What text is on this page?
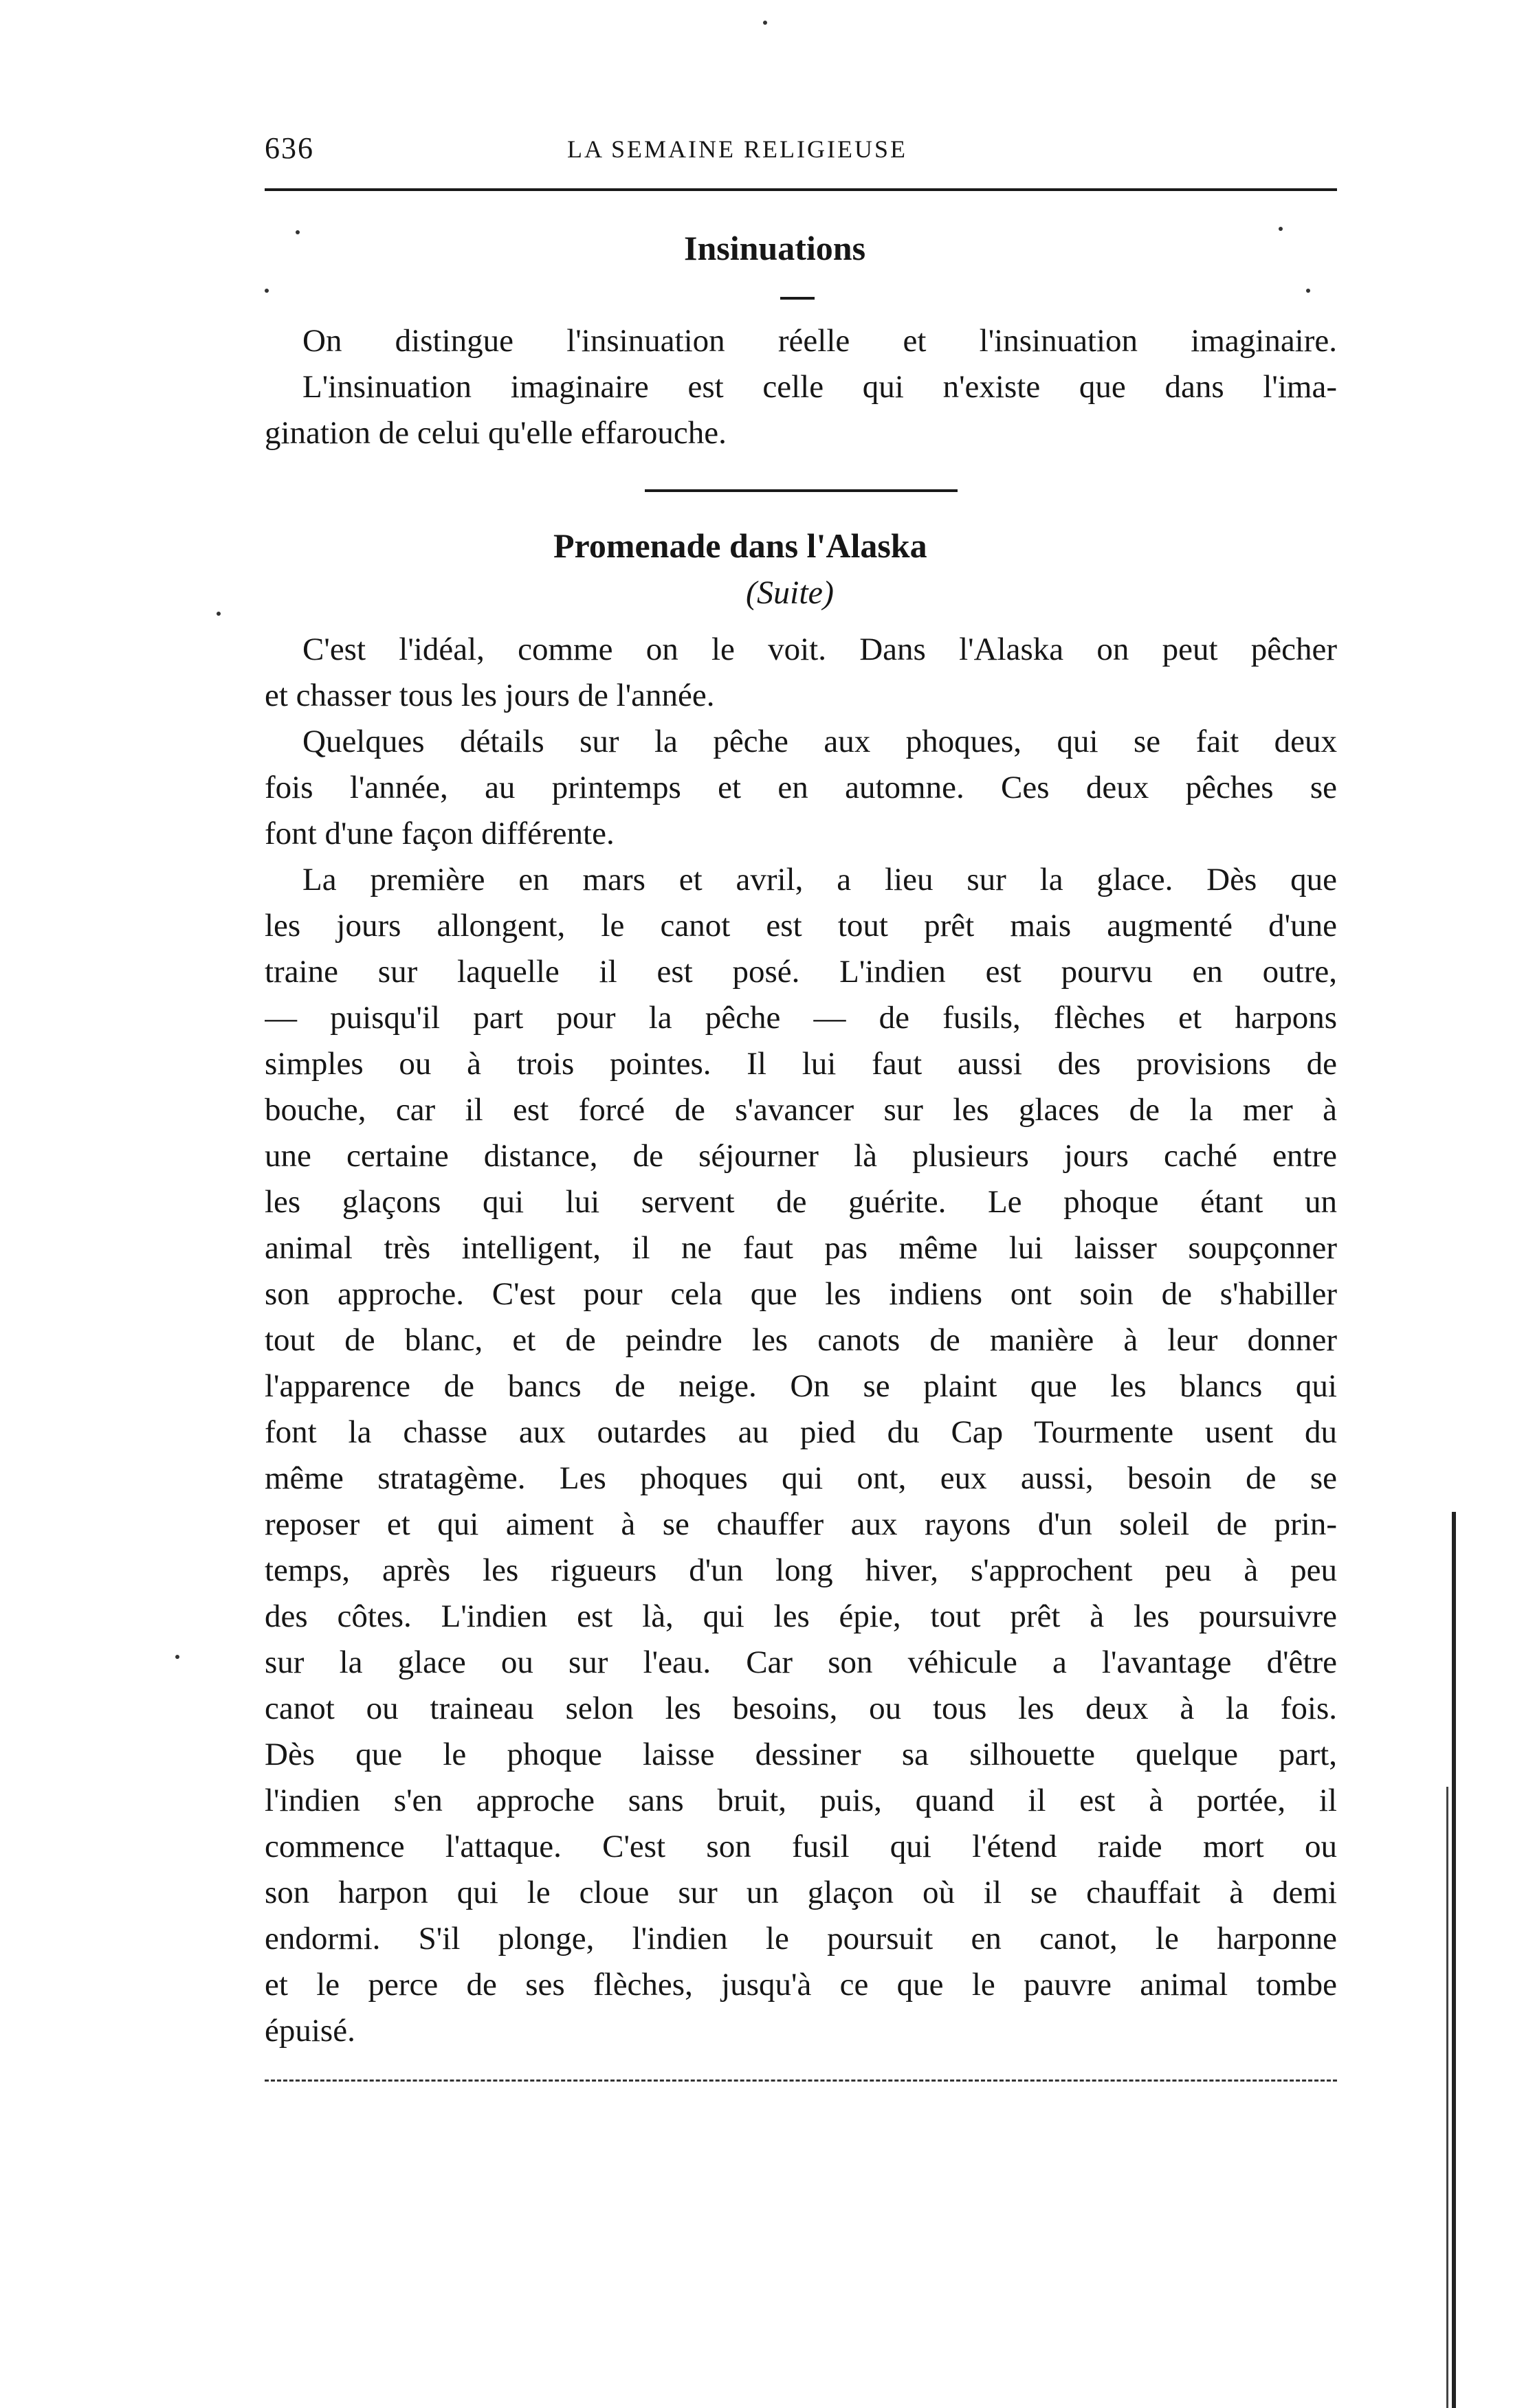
636	LA SEMAINE RELIGIEUSE
Insinuations
On distingue l'insinuation réelle et l'insinuation imaginaire.
L'insinuation imaginaire est celle qui n'existe que dans l'ima-
gination de celui qu'elle effarouche.
Promenade dans l'Alaska
(Suite)
C'est l'idéal, comme on le voit. Dans l'Alaska on peut pêcher
et chasser tous les jours de l'année.
Quelques détails sur la pêche aux phoques, qui se fait deux
fois l'année, au printemps et en automne. Ces deux pêches se
font d'une façon différente.
La première en mars et avril, a lieu sur la glace. Dès que
les jours allongent, le canot est tout prêt mais augmenté d'une
traine sur laquelle il est posé. L'indien est pourvu en outre,
— puisqu'il part pour la pêche — de fusils, flèches et harpons
simples ou à trois pointes. Il lui faut aussi des provisions de
bouche, car il est forcé de s'avancer sur les glaces de la mer à
une certaine distance, de séjourner là plusieurs jours caché entre
les glaçons qui lui servent de guérite. Le phoque étant un
animal très intelligent, il ne faut pas même lui laisser soupçonner
son approche. C'est pour cela que les indiens ont soin de s'habiller
tout de blanc, et de peindre les canots de manière à leur donner
l'apparence de bancs de neige. On se plaint que les blancs qui
font la chasse aux outardes au pied du Cap Tourmente usent du
même stratagème. Les phoques qui ont, eux aussi, besoin de se
reposer et qui aiment à se chauffer aux rayons d'un soleil de prin-
temps, après les rigueurs d'un long hiver, s'approchent peu à peu
des côtes. L'indien est là, qui les épie, tout prêt à les poursuivre
sur la glace ou sur l'eau. Car son véhicule a l'avantage d'être
canot ou traineau selon les besoins, ou tous les deux à la fois.
Dès que le phoque laisse dessiner sa silhouette quelque part,
l'indien s'en approche sans bruit, puis, quand il est à portée, il
commence l'attaque. C'est son fusil qui l'étend raide mort ou
son harpon qui le cloue sur un glaçon où il se chauffait à demi
endormi. S'il plonge, l'indien le poursuit en canot, le harponne
et le perce de ses flèches, jusqu'à ce que le pauvre animal tombe
épuisé.
